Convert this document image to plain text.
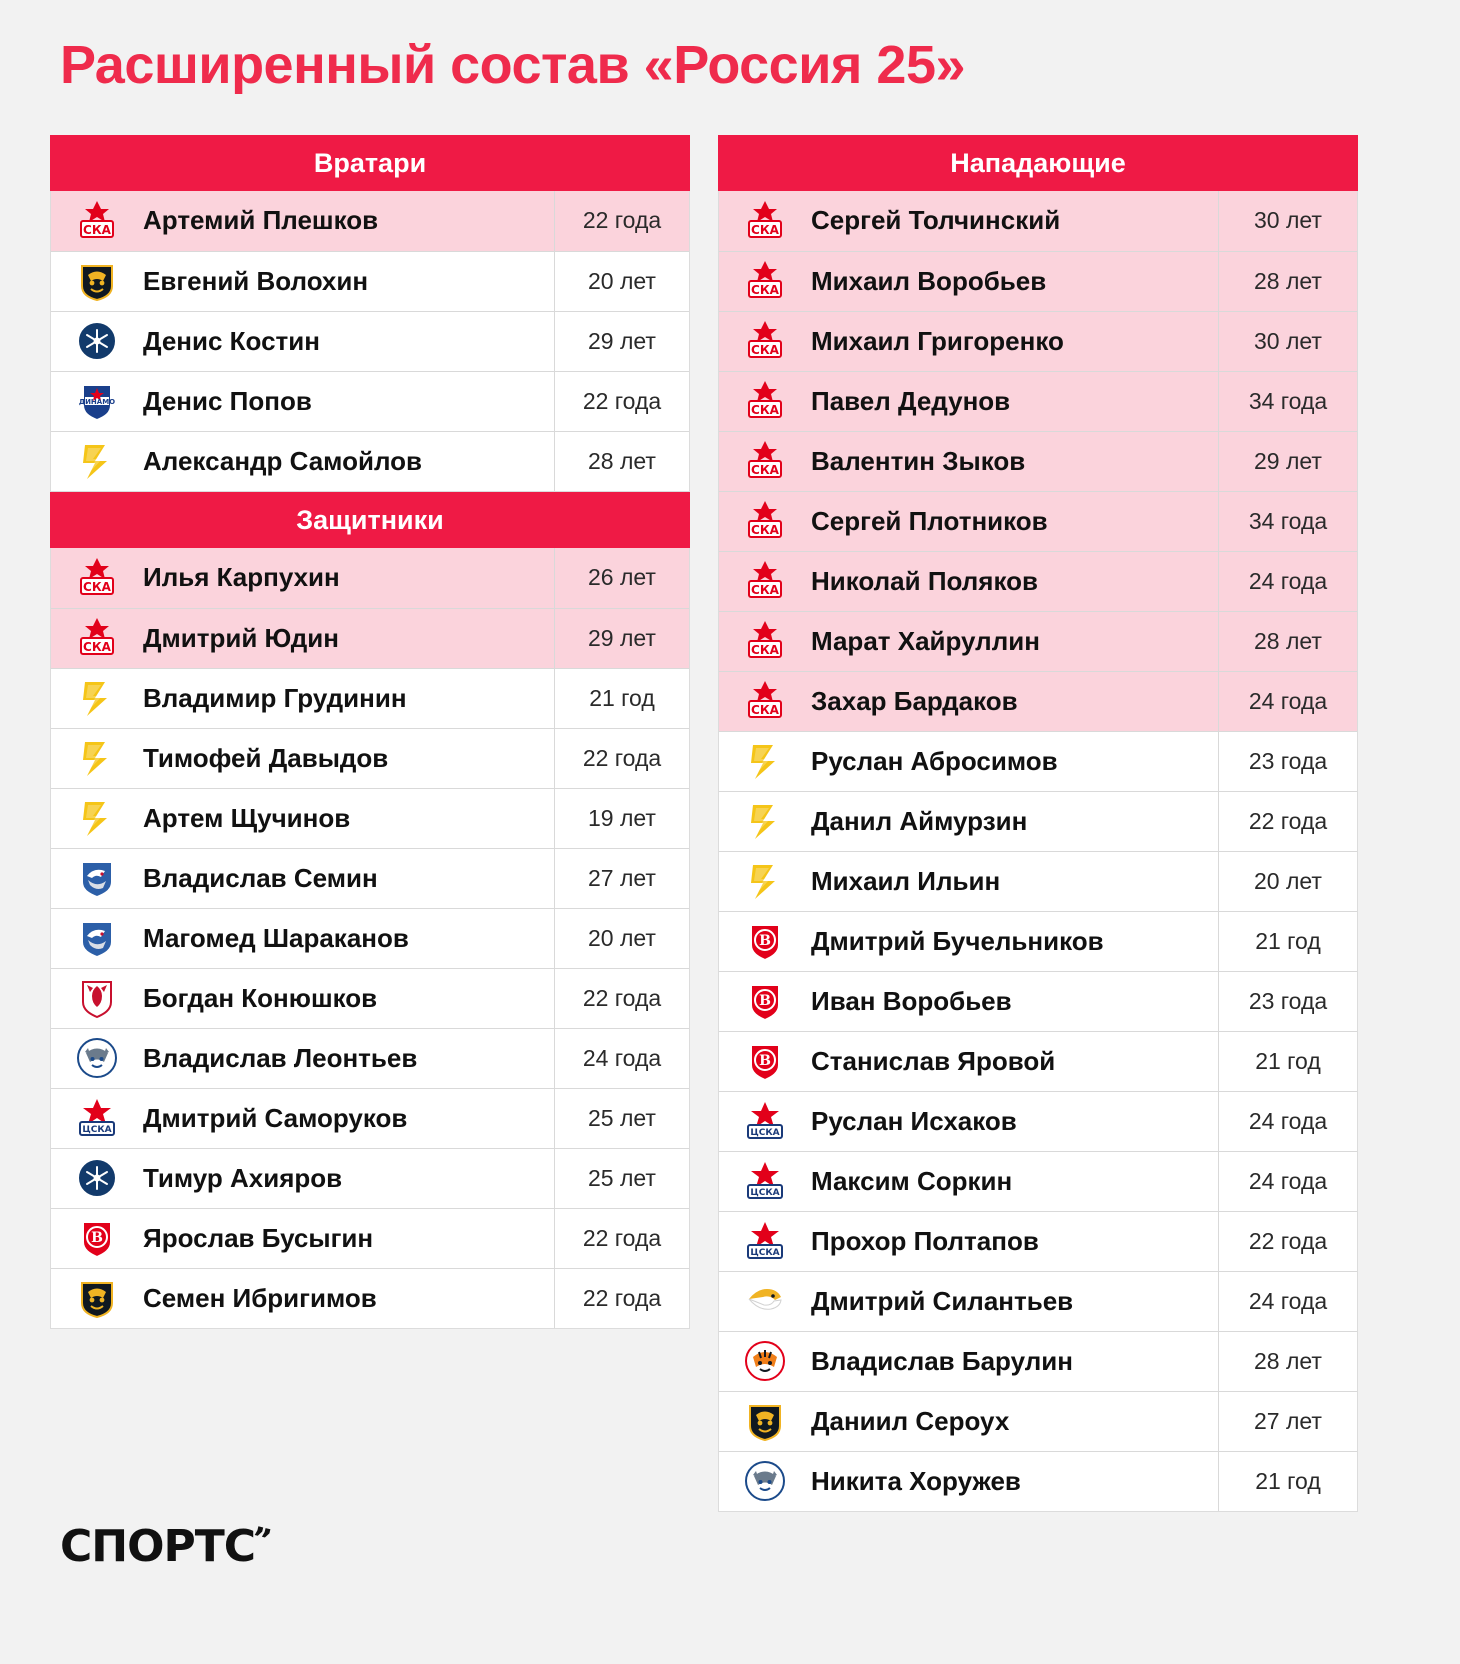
Расширенный состав «Россия 25»
Вратари
СКА	Артемий Плешков	22 года

	Евгений Волохин	20 лет

	Денис Костин	29 лет

ДИНАМО	Денис Попов	22 года

	Александр Самойлов	28 лет
Защитники
СКА	Илья Карпухин	26 лет

СКА	Дмитрий Юдин	29 лет

	Владимир Грудинин	21 год

	Тимофей Давыдов	22 года

	Артем Щучинов	19 лет

	Владислав Семин	27 лет

	Магомед Шараканов	20 лет

	Богдан Конюшков	22 года

	Владислав Леонтьев	24 года

ЦСКА	Дмитрий Саморуков	25 лет

	Тимур Ахияров	25 лет

В	Ярослав Бусыгин	22 года

	Семен Ибригимов	22 года
Нападающие
СКА	Сергей Толчинский	30 лет

СКА	Михаил Воробьев	28 лет

СКА	Михаил Григоренко	30 лет

СКА	Павел Дедунов	34 года

СКА	Валентин Зыков	29 лет

СКА	Сергей Плотников	34 года

СКА	Николай Поляков	24 года

СКА	Марат Хайруллин	28 лет

СКА	Захар Бардаков	24 года

	Руслан Абросимов	23 года

	Данил Аймурзин	22 года

	Михаил Ильин	20 лет

В	Дмитрий Бучельников	21 год

В	Иван Воробьев	23 года

В	Станислав Яровой	21 год

ЦСКА	Руслан Исхаков	24 года

ЦСКА	Максим Соркин	24 года

ЦСКА	Прохор Полтапов	22 года

	Дмитрий Силантьев	24 года

	Владислав Барулин	28 лет

	Даниил Сероух	27 лет

	Никита Хоружев	21 год
СПОРТС”
